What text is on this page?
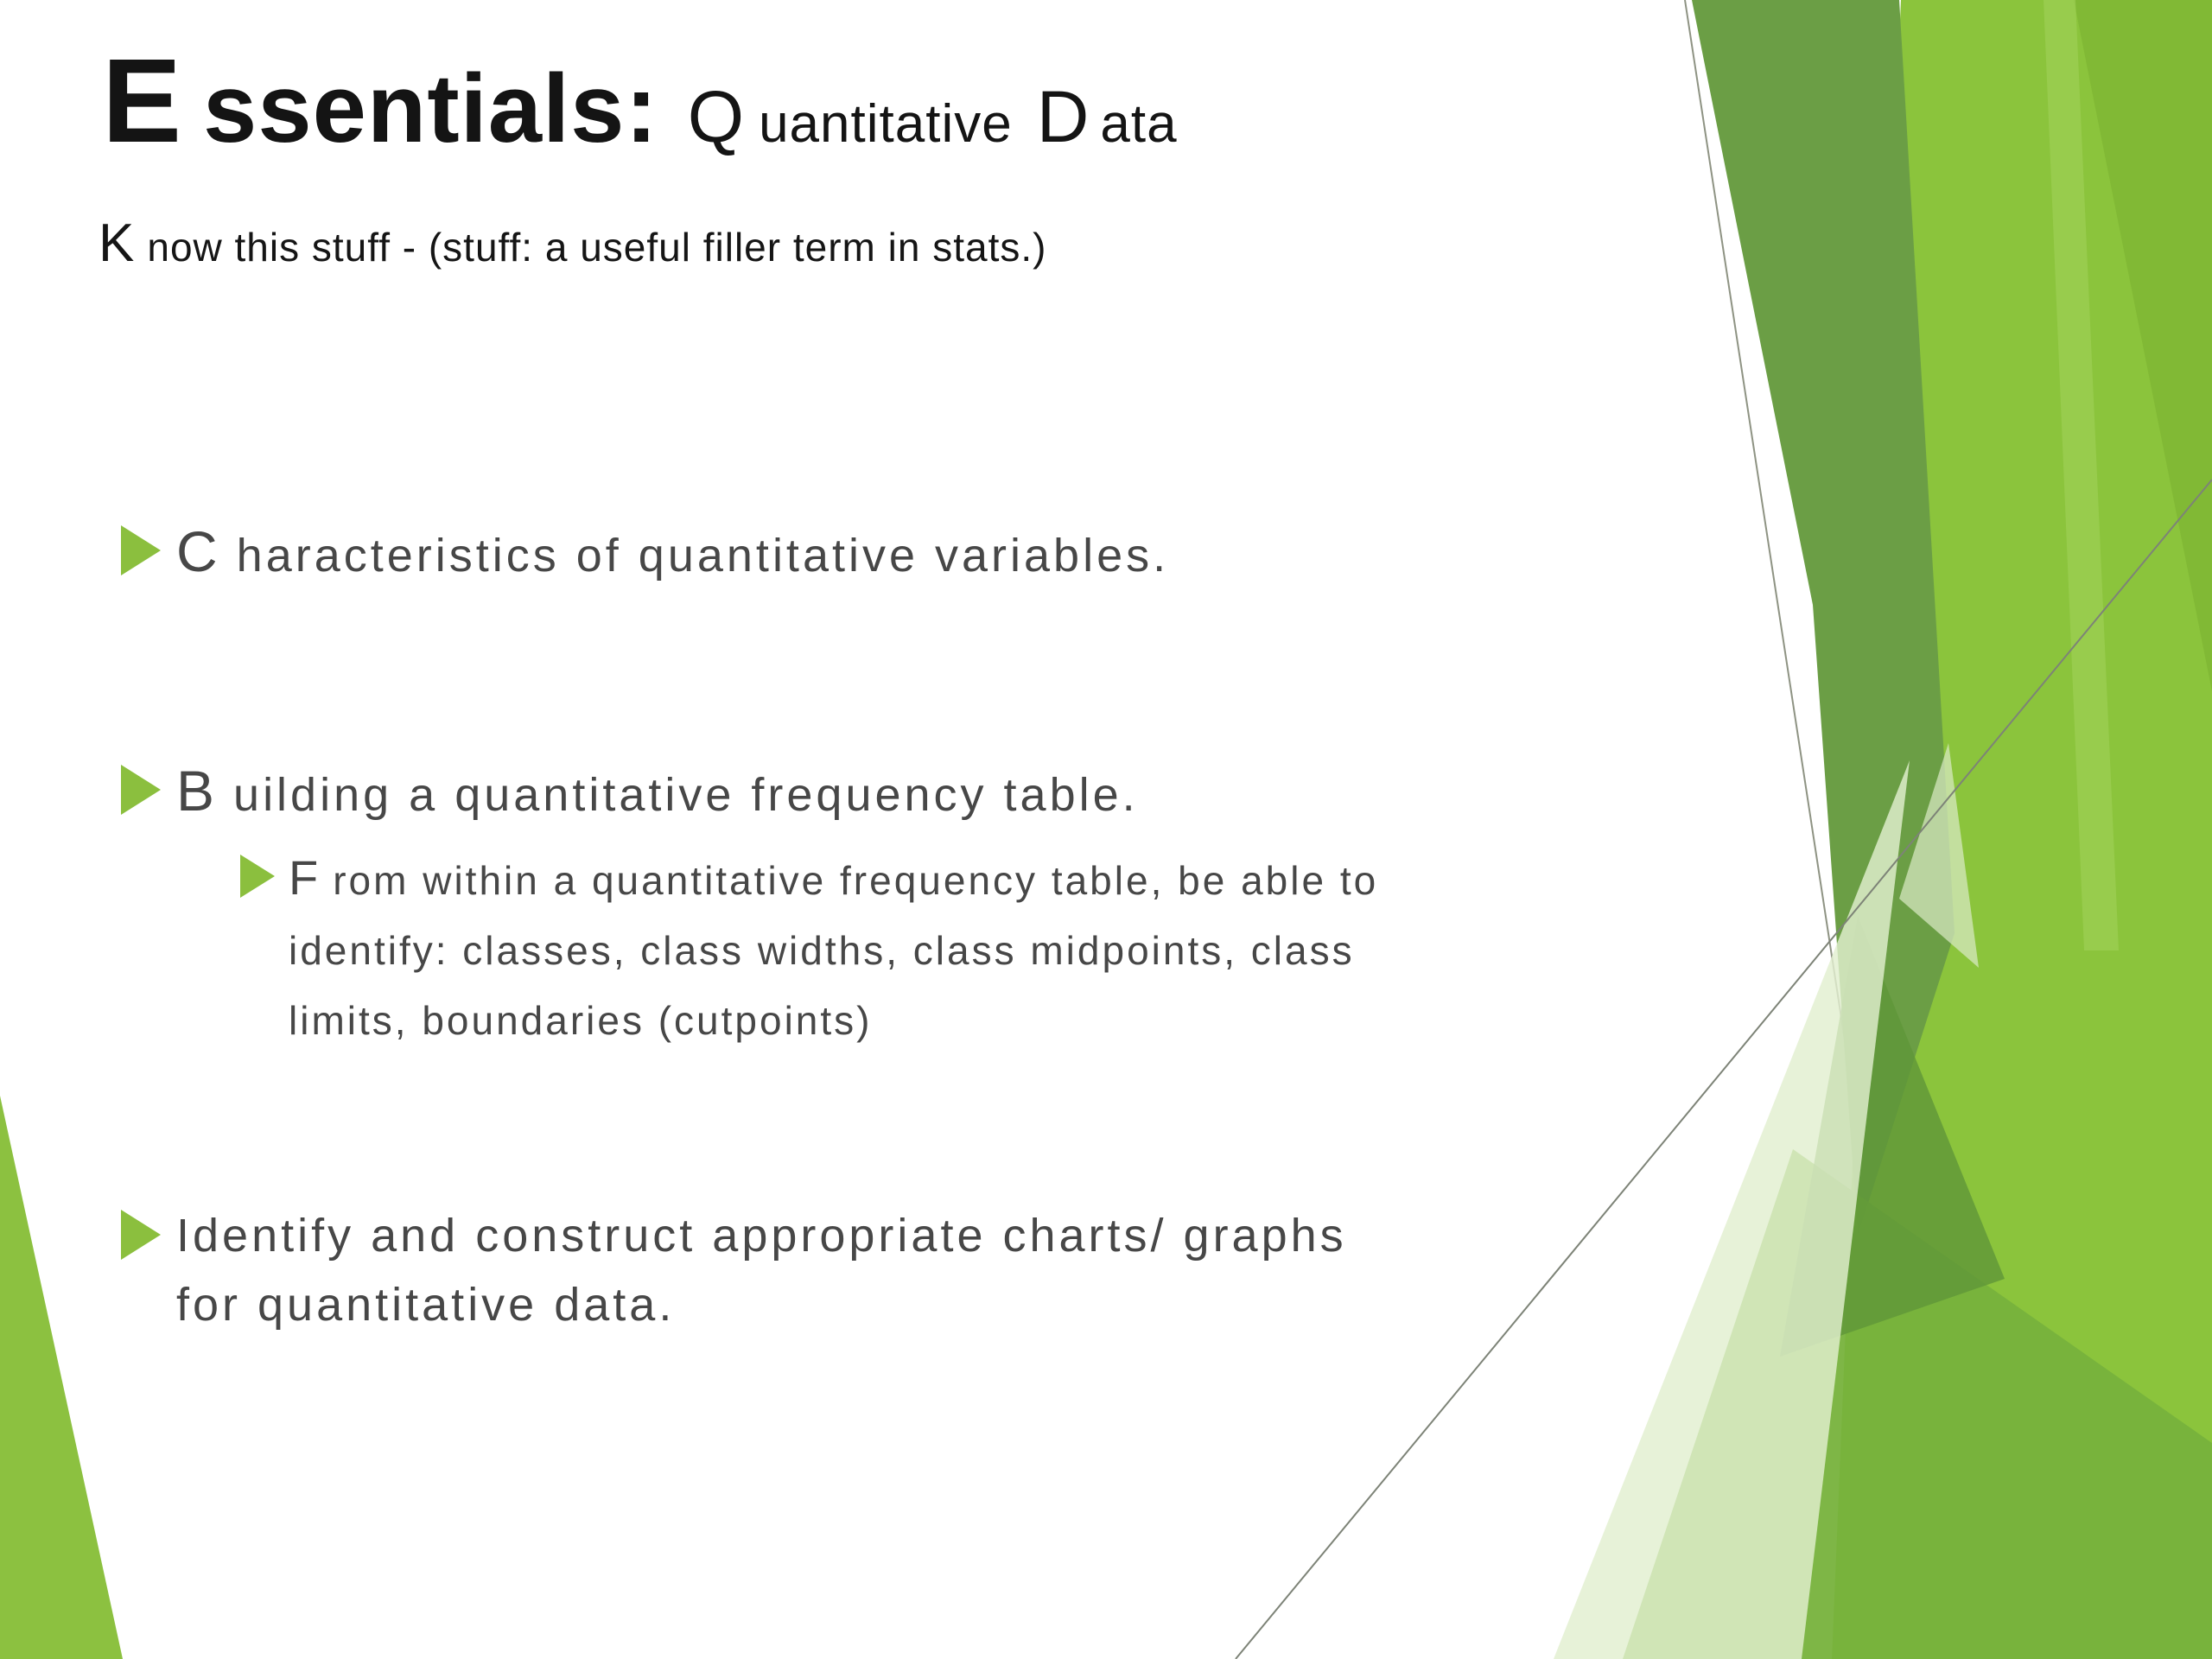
E ssentials: Q uantitative D ata
K now this stuff - (stuff: a useful filler term in stats.)
C haracteristics of quantitative variables.
B uilding a quantitative frequency table.
F rom within a quantitative frequency table, be able to
identify: classes, class widths, class midpoints, class
limits, boundaries (cutpoints)
Identify and construct appropriate charts/ graphs
for quantitative data.
